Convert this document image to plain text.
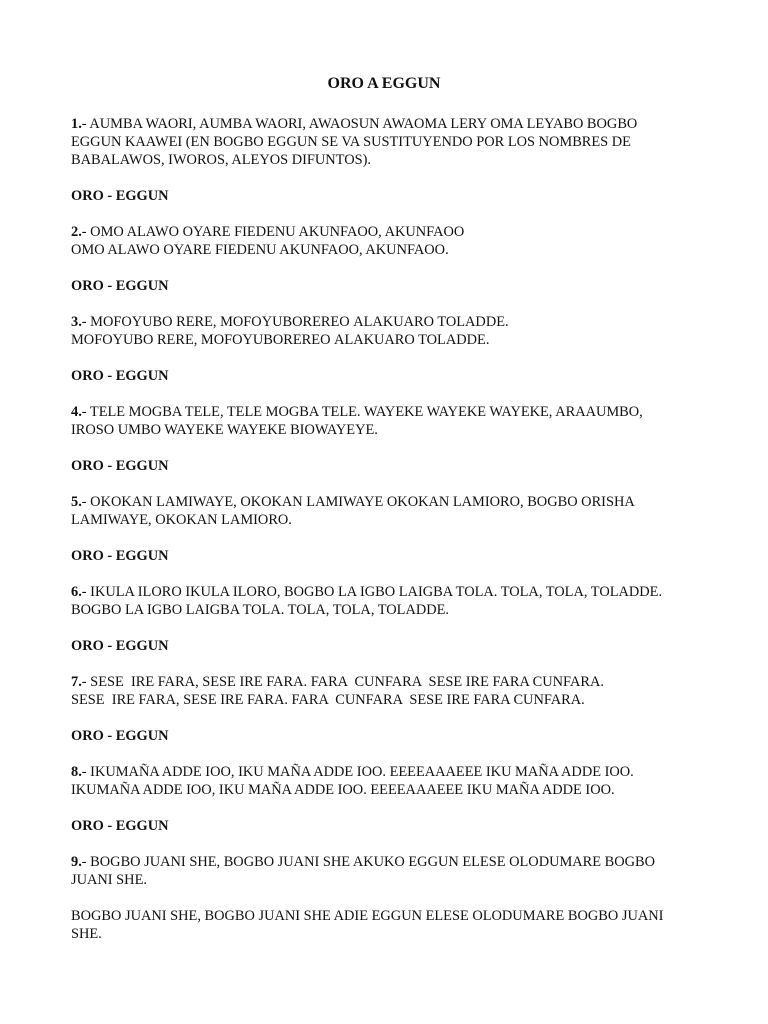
ORO A EGGUN

1.- AUMBA WAORI, AUMBA WAORI, AWAOSUN AWAOMA LERY OMA LEYABO BOGBO
EGGUN KAAWEI (EN BOGBO EGGUN SE VA SUSTITUYENDO POR LOS NOMBRES DE
BABALAWOS, IWOROS, ALEYOS DIFUNTOS).

ORO - EGGUN

2.- OMO ALAWO OYARE FIEDENU AKUNFAOO, AKUNFAOO
OMO ALAWO OYARE FIEDENU AKUNFAOO, AKUNFAOO.

ORO - EGGUN

3.- MOFOYUBO RERE, MOFOYUBORERЕО ALAKUARO TOLADDE.
MOFOYUBO RERE, MOFOYUBORERЕО ALAKUARO TOLADDE.

ORO - EGGUN

4.- TELE MOGBA TELE, TELE MOGBA TELE. WAYEKE WAYEKE WAYEKE, ARAAUMBO,
IROSO UMBO WAYEKE WAYEKE BIOWAYEYE.

ORO - EGGUN

5.- OKOKAN LAMIWAYE, OKOKAN LAMIWAYE OKOKAN LAMIORO, BOGBO ORISHA
LAMIWAYE, OKOKAN LAMIORO.

ORO - EGGUN

6.- IKULA ILORO IKULA ILORO, BOGBO LA IGBO LAIGBA TOLA. TOLA, TOLA, TOLADDE.
BOGBO LA IGBO LAIGBA TOLA. TOLA, TOLA, TOLADDE.

ORO - EGGUN

7.- SESE  IRE FARA, SESE IRE FARA. FARA  CUNFARA  SESE IRE FARA CUNFARA.
SESE  IRE FARA, SESE IRE FARA. FARA  CUNFARA  SESE IRE FARA CUNFARA.

ORO - EGGUN

8.- IKUMAÑA ADDE IOO, IKU MAÑA ADDE IOO. EEEEAAAEEE IKU MAÑA ADDE IOO.
IKUMAÑA ADDE IOO, IKU MAÑA ADDE IOO. EEEEAAAEEE IKU MAÑA ADDE IOO.

ORO - EGGUN

9.- BOGBO JUANI SHE, BOGBO JUANI SHE AKUKO EGGUN ELESE OLODUMARE BOGBO
JUANI SHE.

BOGBO JUANI SHE, BOGBO JUANI SHE ADIE EGGUN ELESE OLODUMARE BOGBO JUANI
SHE.
